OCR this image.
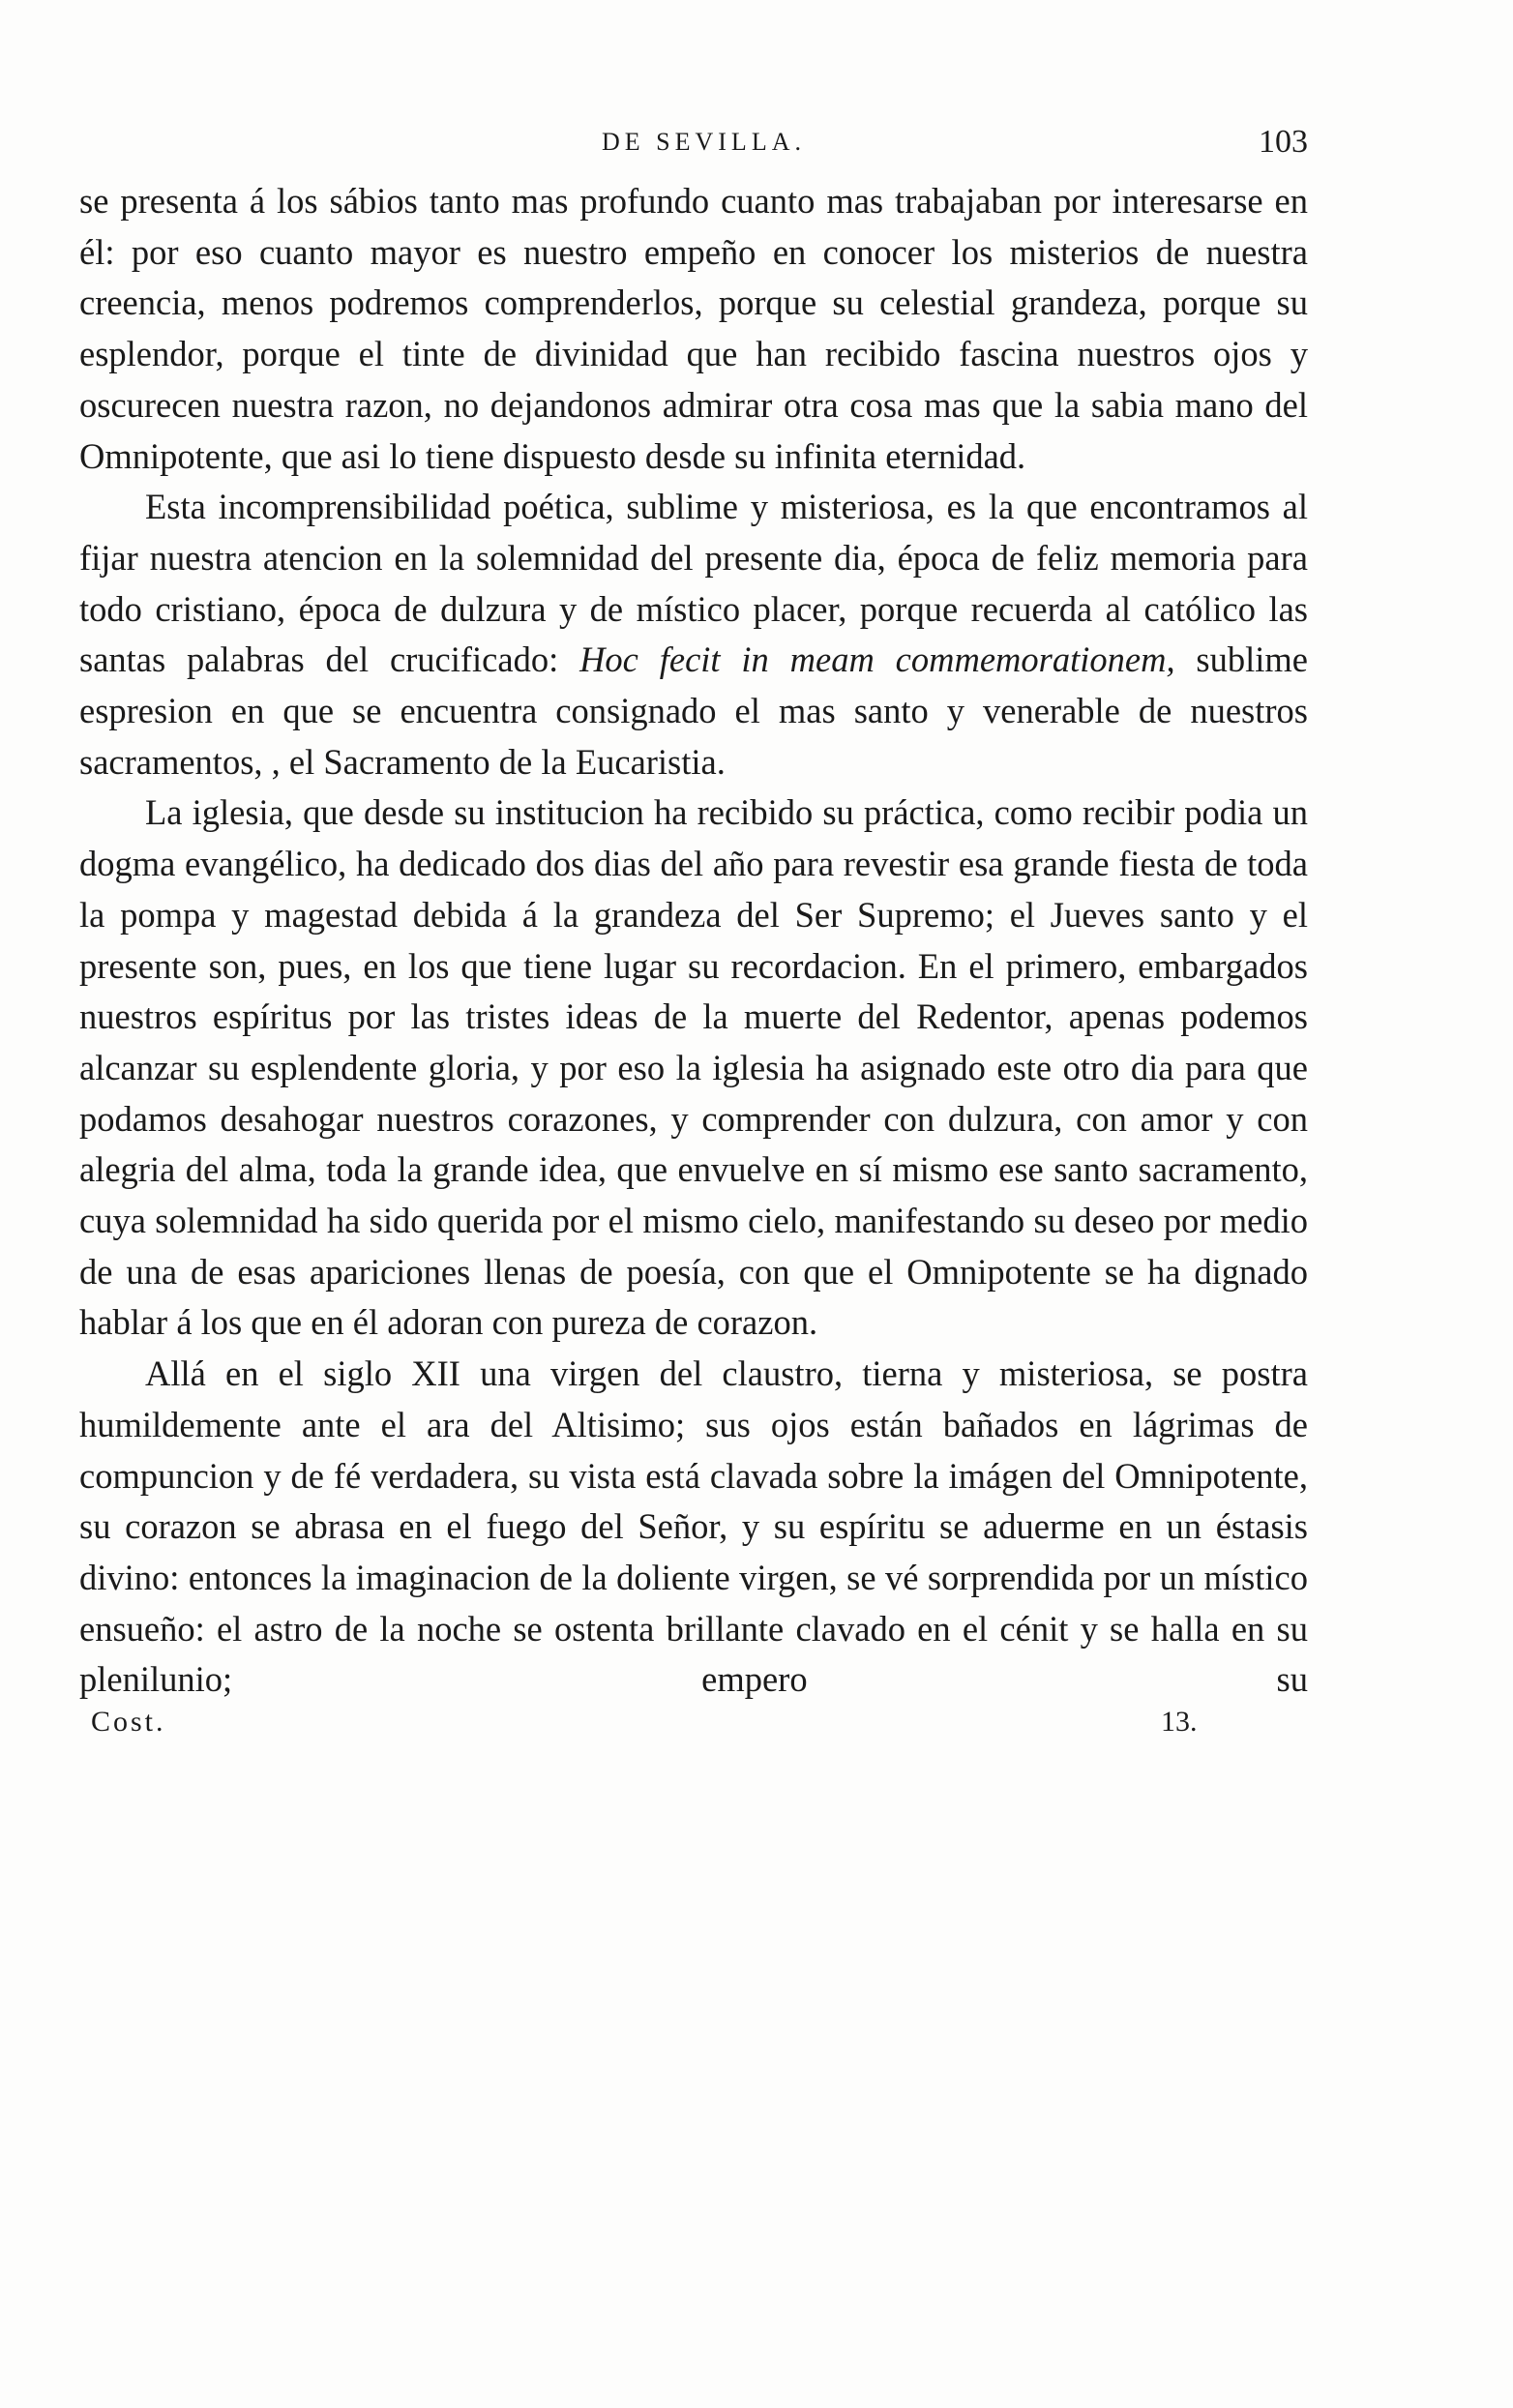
DE SEVILLA.	103

se presenta á los sábios tanto mas profundo cuanto mas trabajaban por interesarse en él: por eso cuanto mayor es nuestro empeño en conocer los misterios de nuestra creencia, menos podremos comprenderlos, porque su celestial grandeza, porque su esplendor, porque el tinte de divinidad que han recibido fascina nuestros ojos y oscurecen nuestra razon, no dejandonos admirar otra cosa mas que la sabia mano del Omnipotente, que asi lo tiene dispuesto desde su infinita eternidad.

Esta incomprensibilidad poética, sublime y misteriosa, es la que encontramos al fijar nuestra atencion en la solemnidad del presente dia, época de feliz memoria para todo cristiano, época de dulzura y de místico placer, porque recuerda al católico las santas palabras del crucificado: Hoc fecit in meam commemorationem, sublime espresion en que se encuentra consignado el mas santo y venerable de nuestros sacramentos, , el Sacramento de la Eucaristia.

La iglesia, que desde su institucion ha recibido su práctica, como recibir podia un dogma evangélico, ha dedicado dos dias del año para revestir esa grande fiesta de toda la pompa y magestad debida á la grandeza del Ser Supremo; el Jueves santo y el presente son, pues, en los que tiene lugar su recordacion. En el primero, embargados nuestros espíritus por las tristes ideas de la muerte del Redentor, apenas podemos alcanzar su esplendente gloria, y por eso la iglesia ha asignado este otro dia para que podamos desahogar nuestros corazones, y comprender con dulzura, con amor y con alegria del alma, toda la grande idea, que envuelve en sí mismo ese santo sacramento, cuya solemnidad ha sido querida por el mismo cielo, manifestando su deseo por medio de una de esas apariciones llenas de poesía, con que el Omnipotente se ha dignado hablar á los que en él adoran con pureza de corazon.

Allá en el siglo XII una virgen del claustro, tierna y misteriosa, se postra humildemente ante el ara del Altisimo; sus ojos están bañados en lágrimas de compuncion y de fé verdadera, su vista está clavada sobre la imágen del Omnipotente, su corazon se abrasa en el fuego del Señor, y su espíritu se aduerme en un éstasis divino: entonces la imaginacion de la doliente virgen, se vé sorprendida por un místico ensueño: el astro de la noche se ostenta brillante clavado en el cénit y se halla en su plenilunio; empero su

Cost.	13.
